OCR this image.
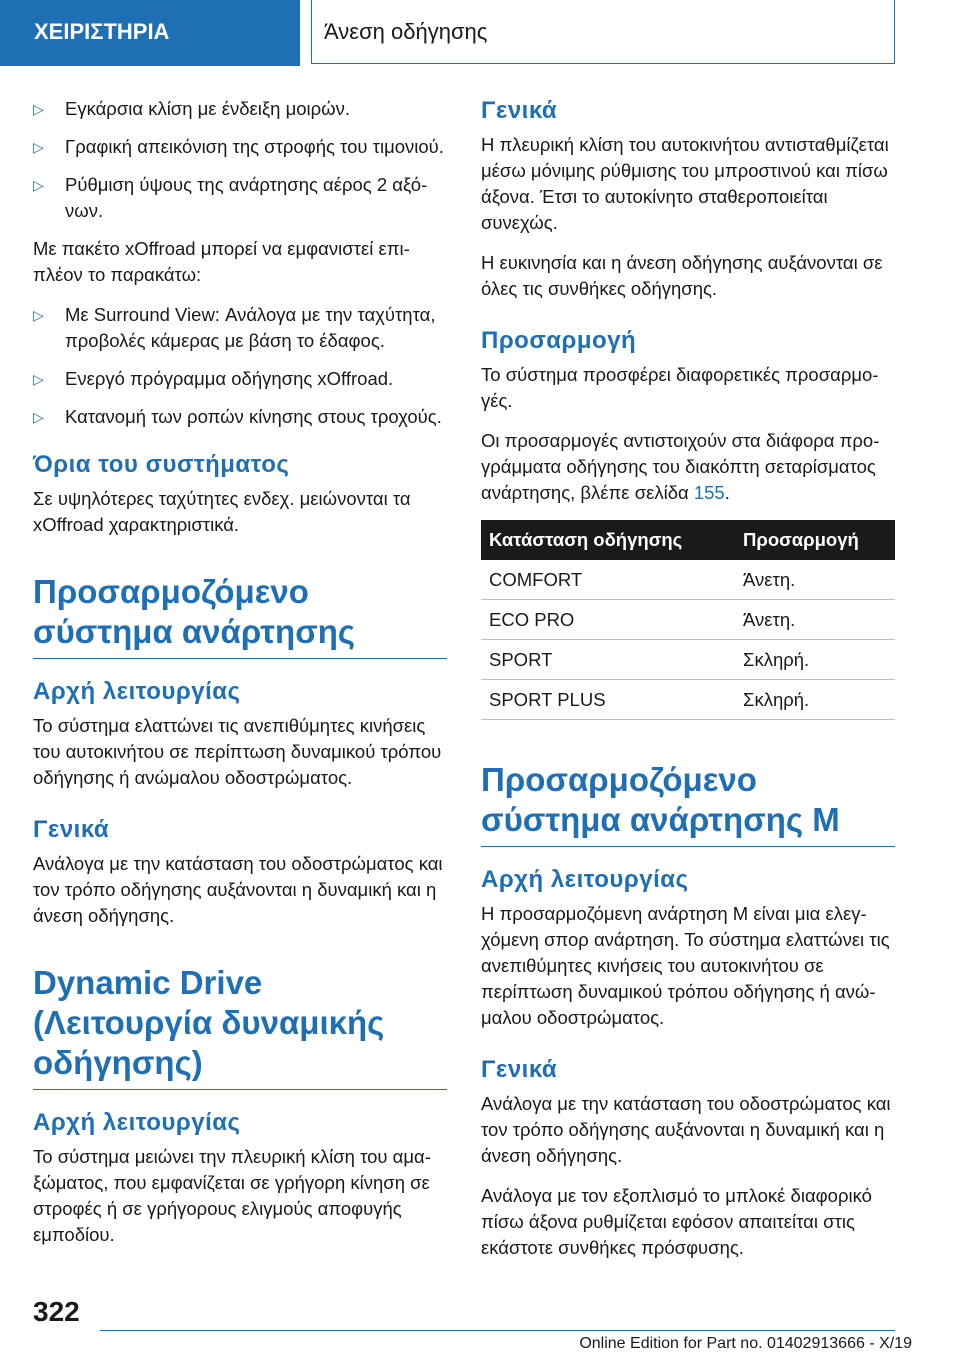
ΧΕΙΡΙΣΤΗΡΙΑ	Άνεση οδήγησης
▷ Εγκάρσια κλίση με ένδειξη μοιρών.
▷ Γραφική απεικόνιση της στροφής του τιμονιού.
▷ Ρύθμιση ύψους της ανάρτησης αέρος 2 αξόνων.

Με πακέτο xOffroad μπορεί να εμφανιστεί επιπλέον το παρακάτω:

▷ Με Surround View: Ανάλογα με την ταχύτητα, προβολές κάμερας με βάση το έδαφος.
▷ Ενεργό πρόγραμμα οδήγησης xOffroad.
▷ Κατανομή των ροπών κίνησης στους τροχούς.
Όρια του συστήματος

Σε υψηλότερες ταχύτητες ενδεχ. μειώνονται τα xOffroad χαρακτηριστικά.

Προσαρμοζόμενο σύστημα ανάρτησης
Αρχή λειτουργίας

Το σύστημα ελαττώνει τις ανεπιθύμητες κινήσεις του αυτοκινήτου σε περίπτωση δυναμικού τρόπου οδήγησης ή ανώμαλου οδοστρώματος.

Γενικά

Ανάλογα με την κατάσταση του οδοστρώματος και τον τρόπο οδήγησης αυξάνονται η δυναμική και η άνεση οδήγησης.

Dynamic Drive (Λειτουργία δυναμικής οδήγησης)
Αρχή λειτουργίας

Το σύστημα μειώνει την πλευρική κλίση του αμαξώματος, που εμφανίζεται σε γρήγορη κίνηση σε στροφές ή σε γρήγορους ελιγμούς αποφυγής εμποδίου.

Γενικά

Η πλευρική κλίση του αυτοκινήτου αντισταθμίζεται μέσω μόνιμης ρύθμισης του μπροστινού και πίσω άξονα. Έτσι το αυτοκίνητο σταθεροποιείται συνεχώς.

Η ευκινησία και η άνεση οδήγησης αυξάνονται σε όλες τις συνθήκες οδήγησης.

Προσαρμογή

Το σύστημα προσφέρει διαφορετικές προσαρμογές.

Οι προσαρμογές αντιστοιχούν στα διάφορα προγράμματα οδήγησης του διακόπτη σεταρίσματος ανάρτησης, βλέπε σελίδα 155.

Κατάσταση οδήγησης	Προσαρμογή
COMFORT	Άνετη.
ECO PRO	Άνετη.
SPORT	Σκληρή.
SPORT PLUS	Σκληρή.
Προσαρμοζόμενο σύστημα ανάρτησης M
Αρχή λειτουργίας

Η προσαρμοζόμενη ανάρτηση M είναι μια ελεγχόμενη σπορ ανάρτηση. Το σύστημα ελαττώνει τις ανεπιθύμητες κινήσεις του αυτοκινήτου σε περίπτωση δυναμικού τρόπου οδήγησης ή ανώμαλου οδοστρώματος.

Γενικά

Ανάλογα με την κατάσταση του οδοστρώματος και τον τρόπο οδήγησης αυξάνονται η δυναμική και η άνεση οδήγησης.

Ανάλογα με τον εξοπλισμό το μπλοκέ διαφορικό πίσω άξονα ρυθμίζεται εφόσον απαιτείται στις εκάστοτε συνθήκες πρόσφυσης.

322
Online Edition for Part no. 01402913666 - X/19
